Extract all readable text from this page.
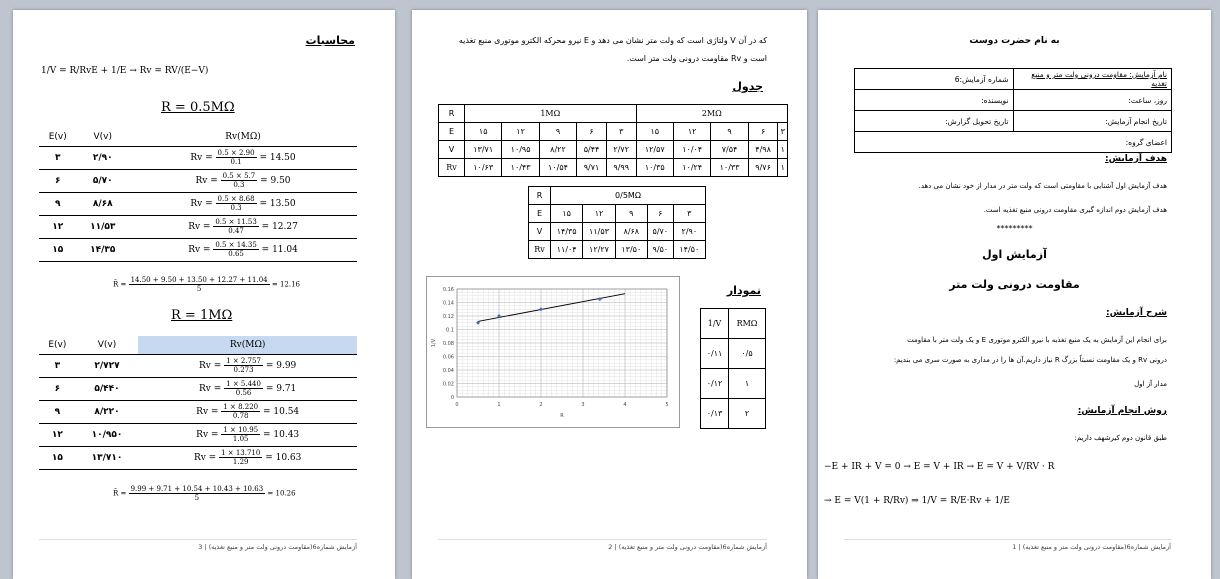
محاسبات
1/V = R/RvE + 1/E → Rv = RV/(E−V)
R = 0.5MΩ
E(v)	V(v)	Rv(MΩ)
۳	۲/۹۰	$Rv = \frac{0.5 \times 2.90}{0.1} = 14.50$
۶	۵/۷۰	$Rv = \frac{0.5 \times 5.7}{0.3} = 9.50$
۹	۸/۶۸	$Rv = \frac{0.5 \times 8.68}{0.3} = 13.50$
۱۲	۱۱/۵۳	$Rv = \frac{0.5 \times 11.53}{0.47} = 12.27$
۱۵	۱۴/۳۵	$Rv = \frac{0.5 \times 14.35}{0.65} = 11.04$
R̄ = $\frac{14.50 + 9.50 + 13.50 + 12.27 + 11.04}{5} = 12.16$
R = 1MΩ
E(v)	V(v)	Rv(MΩ)
۳	۲/۷۲۷	$Rv = \frac{1 \times 2.757}{0.273} = 9.99$
۶	۵/۴۴۰	$Rv = \frac{1 \times 5.440}{0.56} = 9.71$
۹	۸/۲۲۰	$Rv = \frac{1 \times 8.220}{0.78} = 10.54$
۱۲	۱۰/۹۵۰	$Rv = \frac{1 \times 10.95}{1.05} = 10.43$
۱۵	۱۳/۷۱۰	$Rv = \frac{1 \times 13.710}{1.29} = 10.63$
R̄ = $\frac{9.99 + 9.71 + 10.54 + 10.43 + 10.63}{5} = 10.26$
آزمایش شماره6(مقاومت درونی ولت متر و منبع تغذیه) | 3
که در آن V ولتاژی است که ولت متر نشان می دهد و E نیرو محرکه الکترو موتوری منبع تغذیه
است و Rv مقاومت درونی ولت متر است.
جدول
R	1MΩ					2MΩ				
E	۱۵	۱۲	۹	۶	۳	۱۵	۱۲	۹	۶	۳
V	۱۳/۷۱	۱۰/۹۵	۸/۲۲	۵/۴۴	۲/۷۲	۱۲/۵۷	۱۰/۰۴	۷/۵۴	۴/۹۸	۱
Rv	۱۰/۶۳	۱۰/۴۳	۱۰/۵۴	۹/۷۱	۹/۹۹	۱۰/۳۵	۱۰/۲۴	۱۰/۳۳	۹/۷۶	۱
R	0/5MΩ				
E	۱۵	۱۲	۹	۶	۳
V	۱۴/۳۵	۱۱/۵۳	۸/۶۸	۵/۷۰	۲/۹۰
Rv	۱۱/۰۴	۱۲/۲۷	۱۳/۵۰	۹/۵۰	۱۴/۵۰
نمودار
0
0.02
0.04
0.06
0.08
0.1
0.12
0.14
0.16
0	1	2	3	4	5
R
1/V
1/V	RMΩ
۰/۱۱	۰/۵
۰/۱۲	۱
۰/۱۳	۲
آزمایش شماره6(مقاومت درونی ولت متر و منبع تغذیه) | 2
به نام حضرت دوست
شماره آزمایش:6	نام آزمایش: مقاومت درونی ولت متر و منبع تغذیه
نویسنده:	روز، ساعت:
تاریخ تحویل گزارش:	تاریخ انجام آزمایش:
اعضای گروه:	
هدف آزمایش:
هدف آزمایش اول آشنایی با مقاومتی است که ولت متر در مدار از خود نشان می دهد.
هدف آزمایش دوم اندازه گیری مقاومت درونی منبع تغذیه است.
*********
آزمایش اول
مقاومت درونی ولت متر
شرح آزمایش:
برای انجام این آزمایش به یک منبع تغذیه با نیرو الکترو موتوری E و یک ولت متر با مقاومت
درونی Rv و یک مقاومت نسبتاً بزرگ R نیاز داریم.آن ها را در مداری به صورت سری می بندیم:
مدار آز اول
روش انجام آزمایش:
طبق قانون دوم کیرشهف داریم:
−E + IR + V = 0 → E = V + IR → E = V + V/RV · R
→ E = V(1 + R/Rv) ⇒ 1/V = R/E·Rv + 1/E
آزمایش شماره6(مقاومت درونی ولت متر و منبع تغذیه) | 1
